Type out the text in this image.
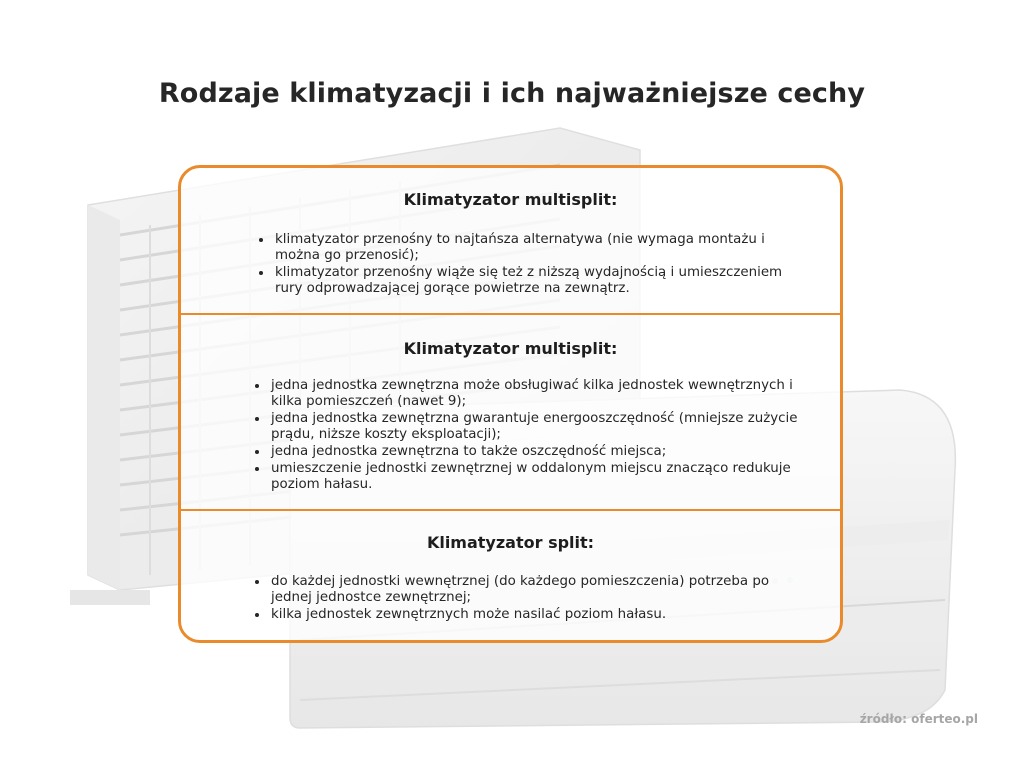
Rodzaje klimatyzacji i ich najważniejsze cechy
Klimatyzator multisplit:
• klimatyzator przenośny to najtańsza alternatywa (nie wymaga montażu i można go przenosić);
• klimatyzator przenośny wiąże się też z niższą wydajnością i umieszczeniem rury odprowadzającej gorące powietrze na zewnątrz.
Klimatyzator multisplit:
• jedna jednostka zewnętrzna może obsługiwać kilka jednostek wewnętrznych i kilka pomieszczeń (nawet 9);
• jedna jednostka zewnętrzna gwarantuje energooszczędność (mniejsze zużycie prądu, niższe koszty eksploatacji);
• jedna jednostka zewnętrzna to także oszczędność miejsca;
• umieszczenie jednostki zewnętrznej w oddalonym miejscu znacząco redukuje poziom hałasu.
Klimatyzator split:
• do każdej jednostki wewnętrznej (do każdego pomieszczenia) potrzeba po jednej jednostce zewnętrznej;
• kilka jednostek zewnętrznych może nasilać poziom hałasu.
źródło: oferteo.pl
